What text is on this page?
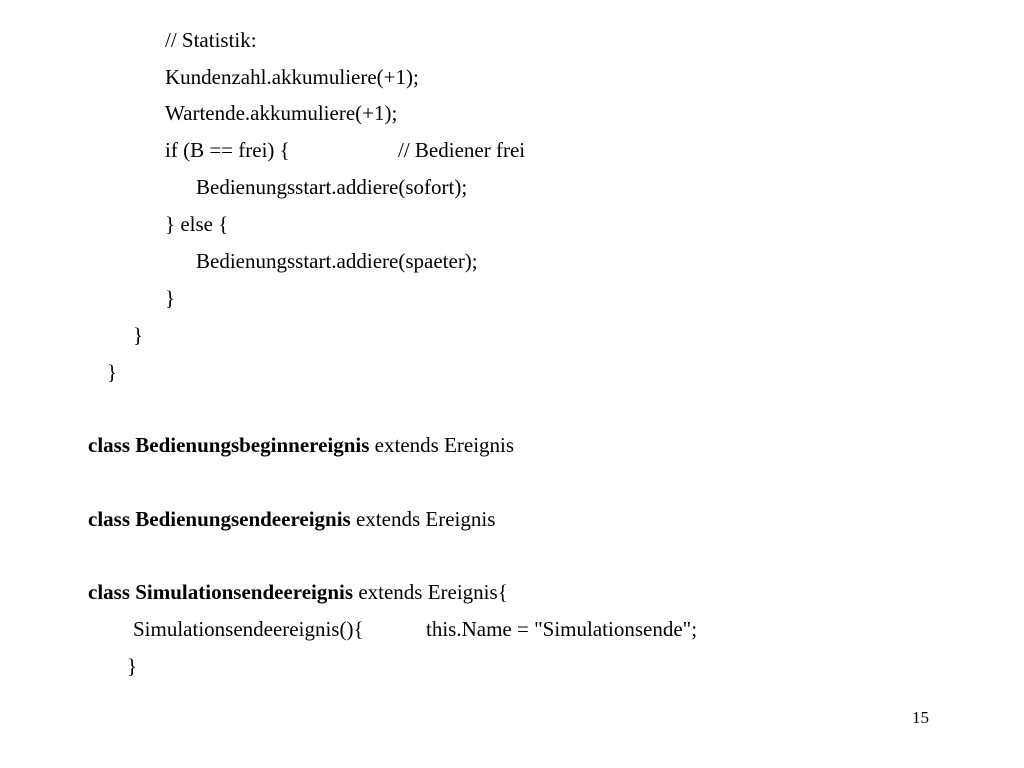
// Statistik:
Kundenzahl.akkumuliere(+1);
Wartende.akkumuliere(+1);
if (B == frei) {	// Bediener frei
Bedienungsstart.addiere(sofort);
} else {
Bedienungsstart.addiere(spaeter);
}
}
}
class Bedienungsbeginnereignis extends Ereignis
class Bedienungsendeereignis extends Ereignis
class Simulationsendeereignis extends Ereignis{
Simulationsendeereignis(){	this.Name = "Simulationsende";
}
15
